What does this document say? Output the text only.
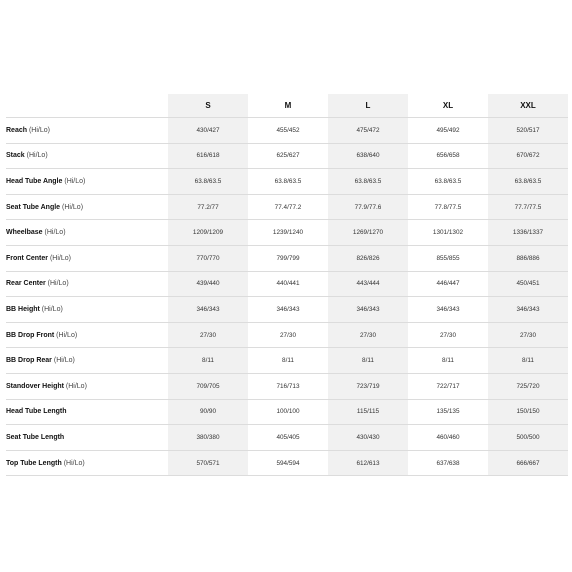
	S	M	L	XL	XXL
Reach (Hi/Lo)	430/427	455/452	475/472	495/492	520/517
Stack (Hi/Lo)	616/618	625/627	638/640	656/658	670/672
Head Tube Angle (Hi/Lo)	63.8/63.5	63.8/63.5	63.8/63.5	63.8/63.5	63.8/63.5
Seat Tube Angle (Hi/Lo)	77.2/77	77.4/77.2	77.9/77.6	77.8/77.5	77.7/77.5
Wheelbase (Hi/Lo)	1209/1209	1239/1240	1269/1270	1301/1302	1336/1337
Front Center (Hi/Lo)	770/770	799/799	826/826	855/855	886/886
Rear Center (Hi/Lo)	439/440	440/441	443/444	446/447	450/451
BB Height (Hi/Lo)	346/343	346/343	346/343	346/343	346/343
BB Drop Front (Hi/Lo)	27/30	27/30	27/30	27/30	27/30
BB Drop Rear (Hi/Lo)	8/11	8/11	8/11	8/11	8/11
Standover Height (Hi/Lo)	709/705	716/713	723/719	722/717	725/720
Head Tube Length	90/90	100/100	115/115	135/135	150/150
Seat Tube Length	380/380	405/405	430/430	460/460	500/500
Top Tube Length (Hi/Lo)	570/571	594/594	612/613	637/638	666/667
